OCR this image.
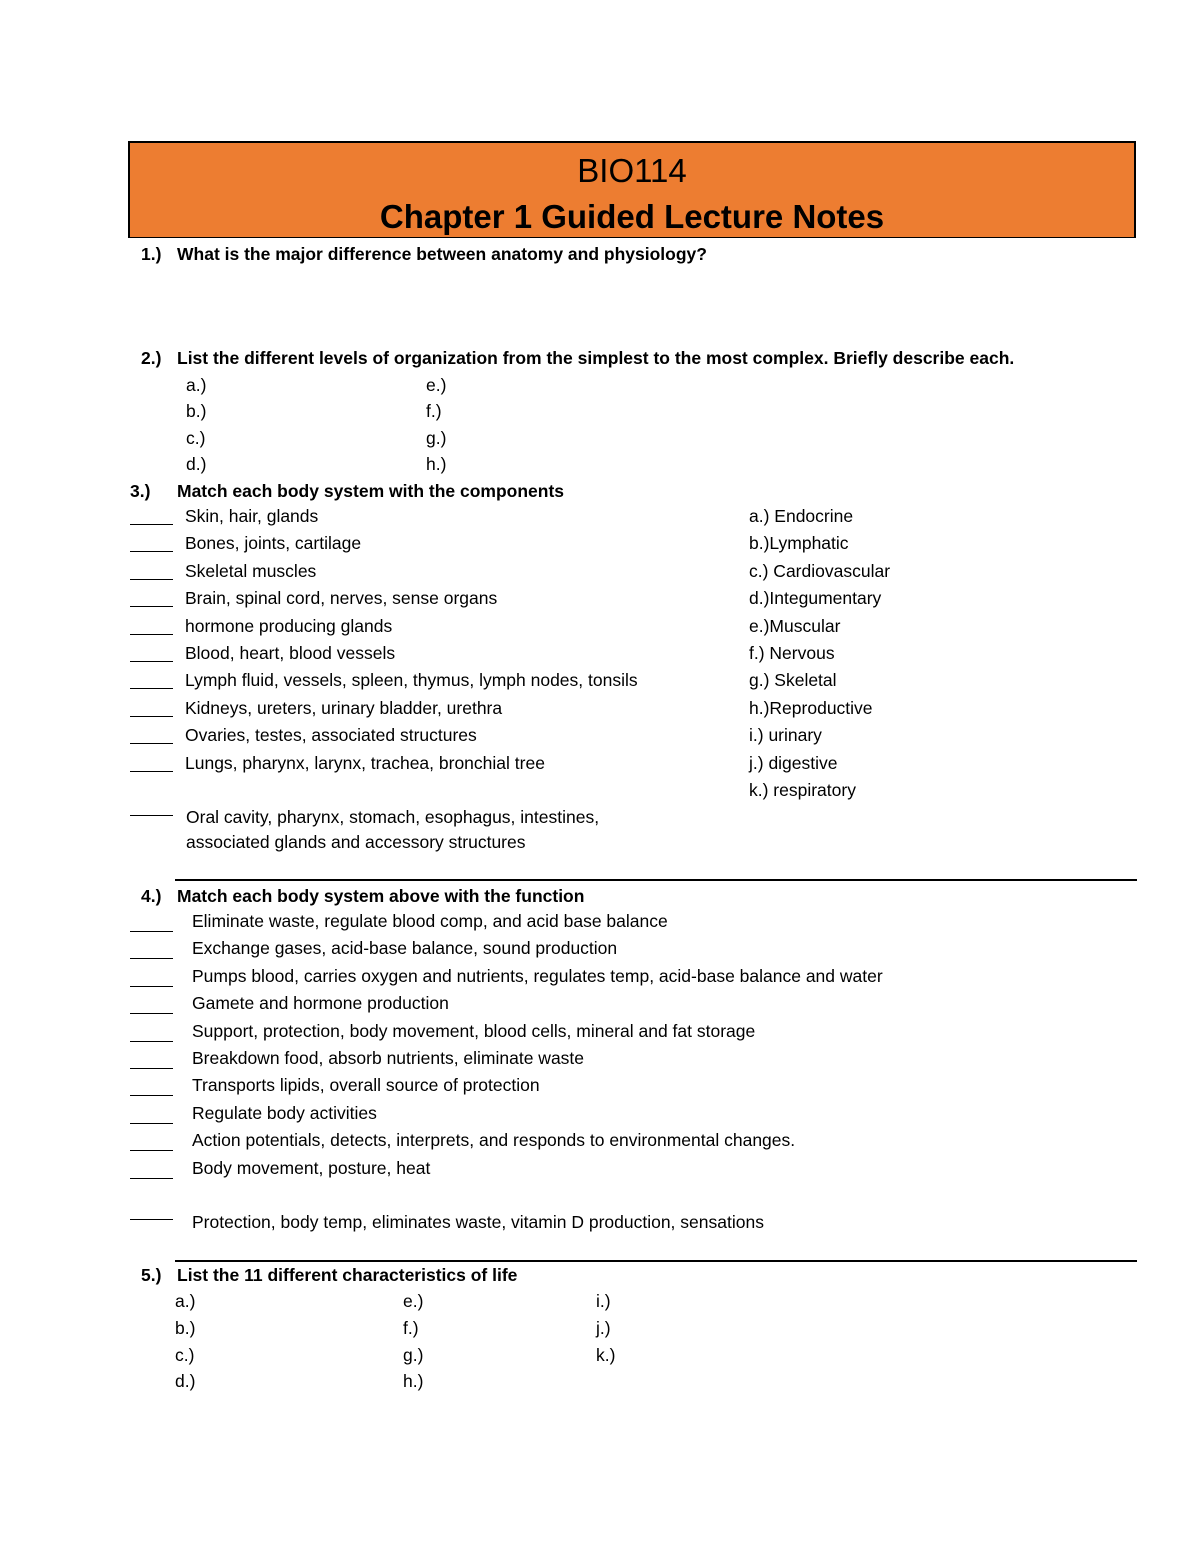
BIO114
Chapter 1 Guided Lecture Notes
1.) What is the major difference between anatomy and physiology?
2.) List the different levels of organization from the simplest to the most complex. Briefly describe each.
3.) Match each body system with the components
Oral cavity, pharynx, stomach, esophagus, intestines,
associated glands and accessory structures
4.) Match each body system above with the function
Protection, body temp, eliminates waste, vitamin D production, sensations
5.) List the 11 different characteristics of life
a.)
b.)
c.)
d.)
e.)
f.)
g.)
h.)
Skin, hair, glands
Bones, joints, cartilage
Skeletal muscles
Brain, spinal cord, nerves, sense organs
hormone producing glands
Blood, heart, blood vessels
Lymph fluid, vessels, spleen, thymus, lymph nodes, tonsils
Kidneys, ureters, urinary bladder, urethra
Ovaries, testes, associated structures
Lungs, pharynx, larynx, trachea, bronchial tree
a.) Endocrine
b.)Lymphatic
c.) Cardiovascular
d.)Integumentary
e.)Muscular
f.) Nervous
g.) Skeletal
h.)Reproductive
i.) urinary
j.) digestive
k.) respiratory
Eliminate waste, regulate blood comp, and acid base balance
Exchange gases, acid-base balance, sound production
Pumps blood, carries oxygen and nutrients, regulates temp, acid-base balance and water
Gamete and hormone production
Support, protection, body movement, blood cells, mineral and fat storage
Breakdown food, absorb nutrients, eliminate waste
Transports lipids, overall source of protection
Regulate body activities
Action potentials, detects, interprets, and responds to environmental changes.
Body movement, posture, heat
a.)
b.)
c.)
d.)
e.)
f.)
g.)
h.)
i.)
j.)
k.)
